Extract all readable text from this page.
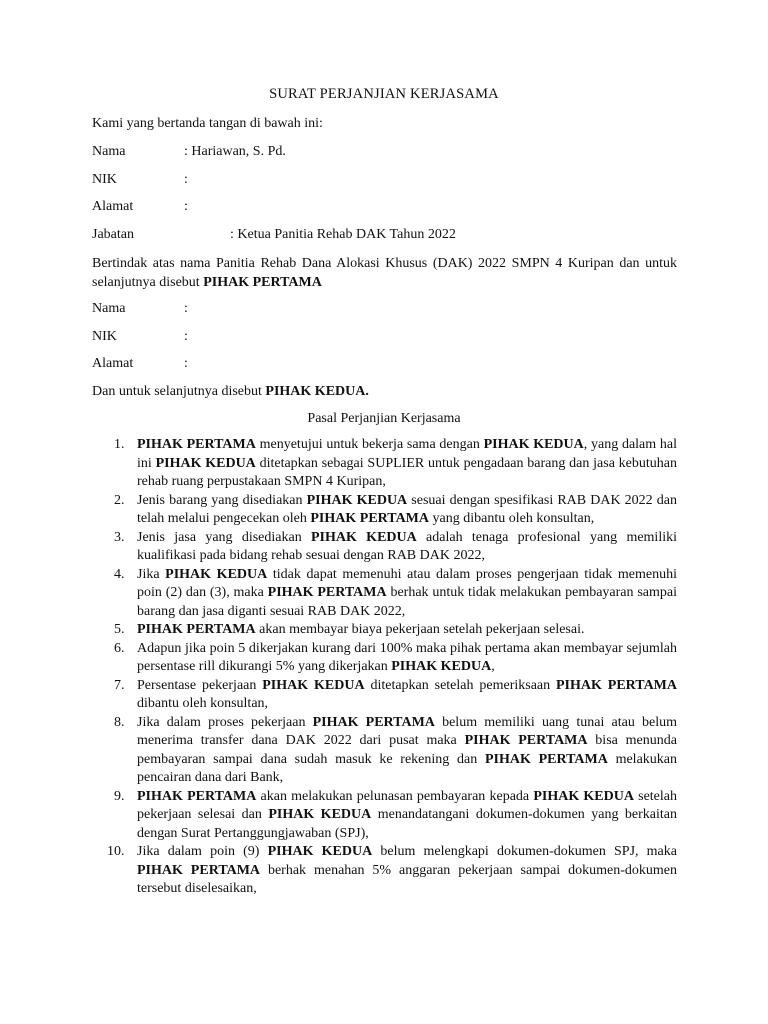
SURAT PERJANJIAN KERJASAMA
Kami yang bertanda tangan di bawah ini:
Nama	: Hariawan, S. Pd.
NIK	:
Alamat	:
Jabatan	: Ketua Panitia Rehab DAK Tahun 2022
Bertindak atas nama Panitia Rehab Dana Alokasi Khusus (DAK) 2022 SMPN 4 Kuripan dan untuk selanjutnya disebut PIHAK PERTAMA
Nama	:
NIK	:
Alamat	:
Dan untuk selanjutnya disebut PIHAK KEDUA.
Pasal Perjanjian Kerjasama
1. PIHAK PERTAMA menyetujui untuk bekerja sama dengan PIHAK KEDUA, yang dalam hal ini PIHAK KEDUA ditetapkan sebagai SUPLIER untuk pengadaan barang dan jasa kebutuhan rehab ruang perpustakaan SMPN 4 Kuripan,
2. Jenis barang yang disediakan PIHAK KEDUA sesuai dengan spesifikasi RAB DAK 2022 dan telah melalui pengecekan oleh PIHAK PERTAMA yang dibantu oleh konsultan,
3. Jenis jasa yang disediakan PIHAK KEDUA adalah tenaga profesional yang memiliki kualifikasi pada bidang rehab sesuai dengan RAB DAK 2022,
4. Jika PIHAK KEDUA tidak dapat memenuhi atau dalam proses pengerjaan tidak memenuhi poin (2) dan (3), maka PIHAK PERTAMA berhak untuk tidak melakukan pembayaran sampai barang dan jasa diganti sesuai RAB DAK 2022,
5. PIHAK PERTAMA akan membayar biaya pekerjaan setelah pekerjaan selesai.
6. Adapun jika poin 5 dikerjakan kurang dari 100% maka pihak pertama akan membayar sejumlah persentase rill dikurangi 5% yang dikerjakan PIHAK KEDUA,
7. Persentase pekerjaan PIHAK KEDUA ditetapkan setelah pemeriksaan PIHAK PERTAMA dibantu oleh konsultan,
8. Jika dalam proses pekerjaan PIHAK PERTAMA belum memiliki uang tunai atau belum menerima transfer dana DAK 2022 dari pusat maka PIHAK PERTAMA bisa menunda pembayaran sampai dana sudah masuk ke rekening dan PIHAK PERTAMA melakukan pencairan dana dari Bank,
9. PIHAK PERTAMA akan melakukan pelunasan pembayaran kepada PIHAK KEDUA setelah pekerjaan selesai dan PIHAK KEDUA menandatangani dokumen-dokumen yang berkaitan dengan Surat Pertanggungjawaban (SPJ),
10. Jika dalam poin (9) PIHAK KEDUA belum melengkapi dokumen-dokumen SPJ, maka PIHAK PERTAMA berhak menahan 5% anggaran pekerjaan sampai dokumen-dokumen tersebut diselesaikan,
